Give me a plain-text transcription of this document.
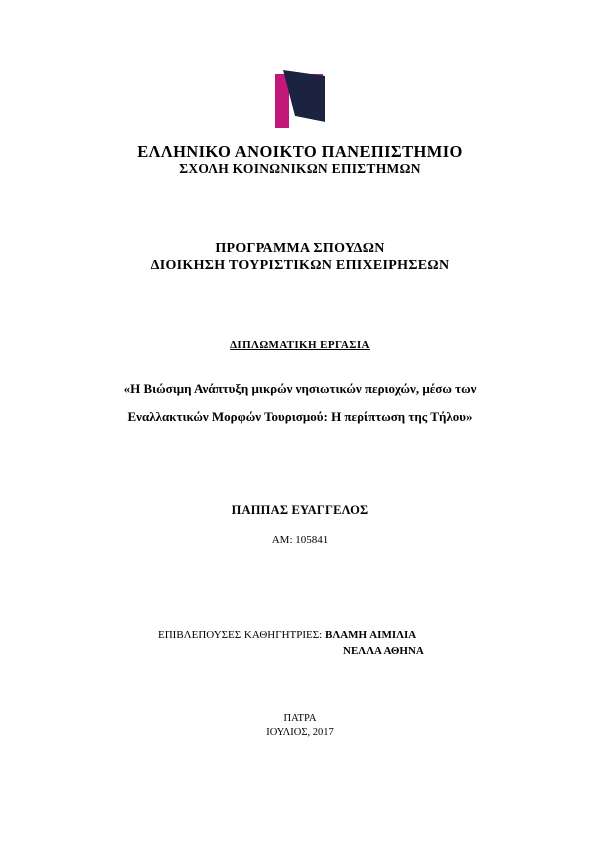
ΕΛΛΗΝΙΚΟ ΑΝΟΙΚΤΟ ΠΑΝΕΠΙΣΤΗΜΙΟ
ΣΧΟΛΗ ΚΟΙΝΩΝΙΚΩΝ ΕΠΙΣΤΗΜΩΝ
ΠΡΟΓΡΑΜΜΑ ΣΠΟΥΔΩΝ
ΔΙΟΙΚΗΣΗ ΤΟΥΡΙΣΤΙΚΩΝ ΕΠΙΧΕΙΡΗΣΕΩΝ
ΔΙΠΛΩΜΑΤΙΚΗ ΕΡΓΑΣΙΑ
«Η Βιώσιμη Ανάπτυξη μικρών νησιωτικών περιοχών, μέσω των
Εναλλακτικών Μορφών Τουρισμού: Η περίπτωση της Τήλου»
ΠΑΠΠΑΣ ΕΥΑΓΓΕΛΟΣ
ΑΜ: 105841
ΕΠΙΒΛΕΠΟΥΣΕΣ ΚΑΘΗΓΗΤΡΙΕΣ: ΒΛΑΜΗ ΑΙΜΙΛΙΑ
ΝΕΛΛΑ ΑΘΗΝΑ
ΠΑΤΡΑ
ΙΟΥΛΙΟΣ, 2017
